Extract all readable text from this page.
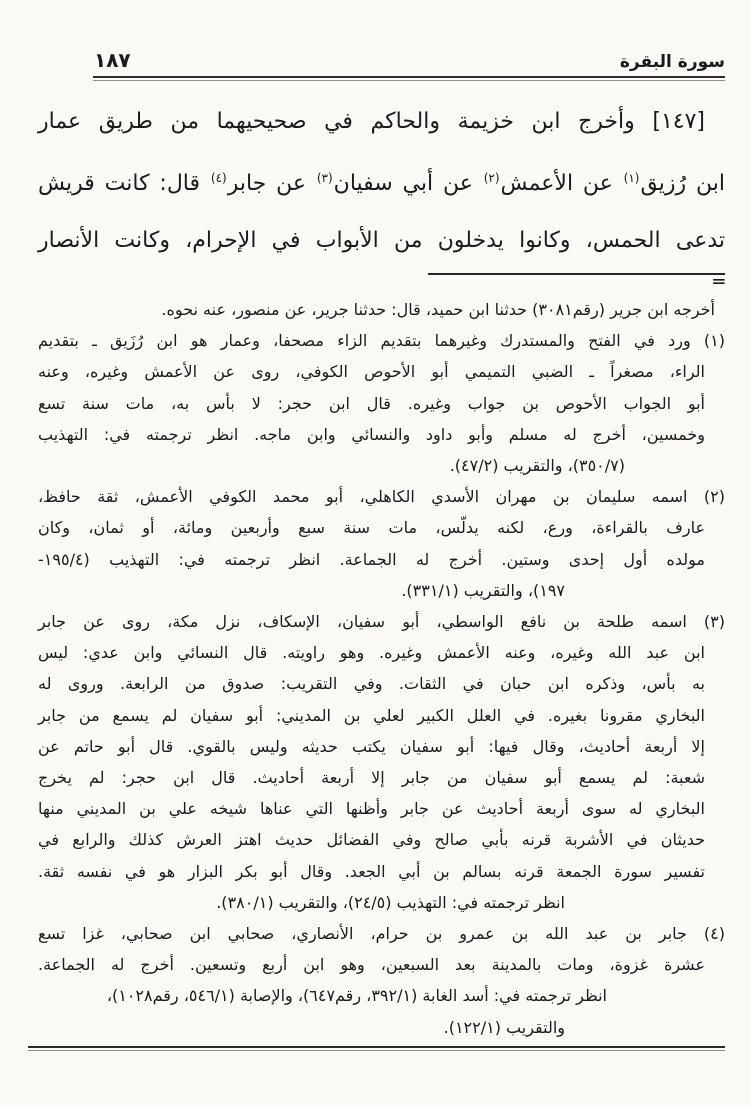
سورة البقرة
١٨٧
[١٤٧] وأخرج ابن خزيمة والحاكم في صحيحيهما من طريق عمار
ابن رُزيق$^{(١)}$ عن الأعمش$^{(٢)}$ عن أبي سفيان$^{(٣)}$ عن جابر$^{(٤)}$ قال: كانت قريش
تدعى الحمس، وكانوا يدخلون من الأبواب في الإحرام، وكانت الأنصار
=
أخرجه ابن جرير (رقم٣٠٨١) حدثنا ابن حميد، قال: حدثنا جرير، عن منصور، عنه نحوه.
(١) ورد في الفتح والمستدرك وغيرهما بتقديم الزاء مصحفا، وعمار هو ابن رُزَيق ـ بتقديم
الراء، مصغراً ـ الضبي التميمي أبو الأحوص الكوفي، روى عن الأعمش وغيره، وعنه
أبو الجواب الأحوص بن جواب وغيره. قال ابن حجر: لا بأس به، مات سنة تسع
وخمسين، أخرج له مسلم وأبو داود والنسائي وابن ماجه. انظر ترجمته في: التهذيب
(٣٥٠/٧)، والتقريب (٤٧/٢).
(٢) اسمه سليمان بن مهران الأسدي الكاهلي، أبو محمد الكوفي الأعمش، ثقة حافظ،
عارف بالقراءة، ورع، لكنه يدلّس، مات سنة سبع وأربعين ومائة، أو ثمان، وكان
مولده أول إحدى وستين. أخرج له الجماعة. انظر ترجمته في: التهذيب (١٩٥/٤-
١٩٧)، والتقريب (٣٣١/١).
(٣) اسمه طلحة بن نافع الواسطي، أبو سفيان، الإسكاف، نزل مكة، روى عن جابر
ابن عبد الله وغيره، وعنه الأعمش وغيره. وهو راويته. قال النسائي وابن عدي: ليس
به بأس، وذكره ابن حبان في الثقات. وفي التقريب: صدوق من الرابعة. وروى له
البخاري مقرونا بغيره. في العلل الكبير لعلي بن المديني: أبو سفيان لم يسمع من جابر
إلا أربعة أحاديث، وقال فيها: أبو سفيان يكتب حديثه وليس بالقوي. قال أبو حاتم عن
شعبة: لم يسمع أبو سفيان من جابر إلا أربعة أحاديث. قال ابن حجر: لم يخرج
البخاري له سوى أربعة أحاديث عن جابر وأظنها التي عناها شيخه علي بن المديني منها
حديثان في الأشربة قرنه بأبي صالح وفي الفضائل حديث اهتز العرش كذلك والرابع في
تفسير سورة الجمعة قرنه بسالم بن أبي الجعد. وقال أبو بكر البزار هو في نفسه ثقة.
انظر ترجمته في: التهذيب (٢٤/٥)، والتقريب (٣٨٠/١).
(٤) جابر بن عبد الله بن عمرو بن حرام، الأنصاري، صحابي ابن صحابي، غزا تسع
عشرة غزوة، ومات بالمدينة بعد السبعين، وهو ابن أربع وتسعين. أخرج له الجماعة.
انظر ترجمته في: أسد الغابة (٣٩٢/١، رقم٦٤٧)، والإصابة (٥٤٦/١، رقم١٠٢٨)،
والتقريب (١٢٢/١).
